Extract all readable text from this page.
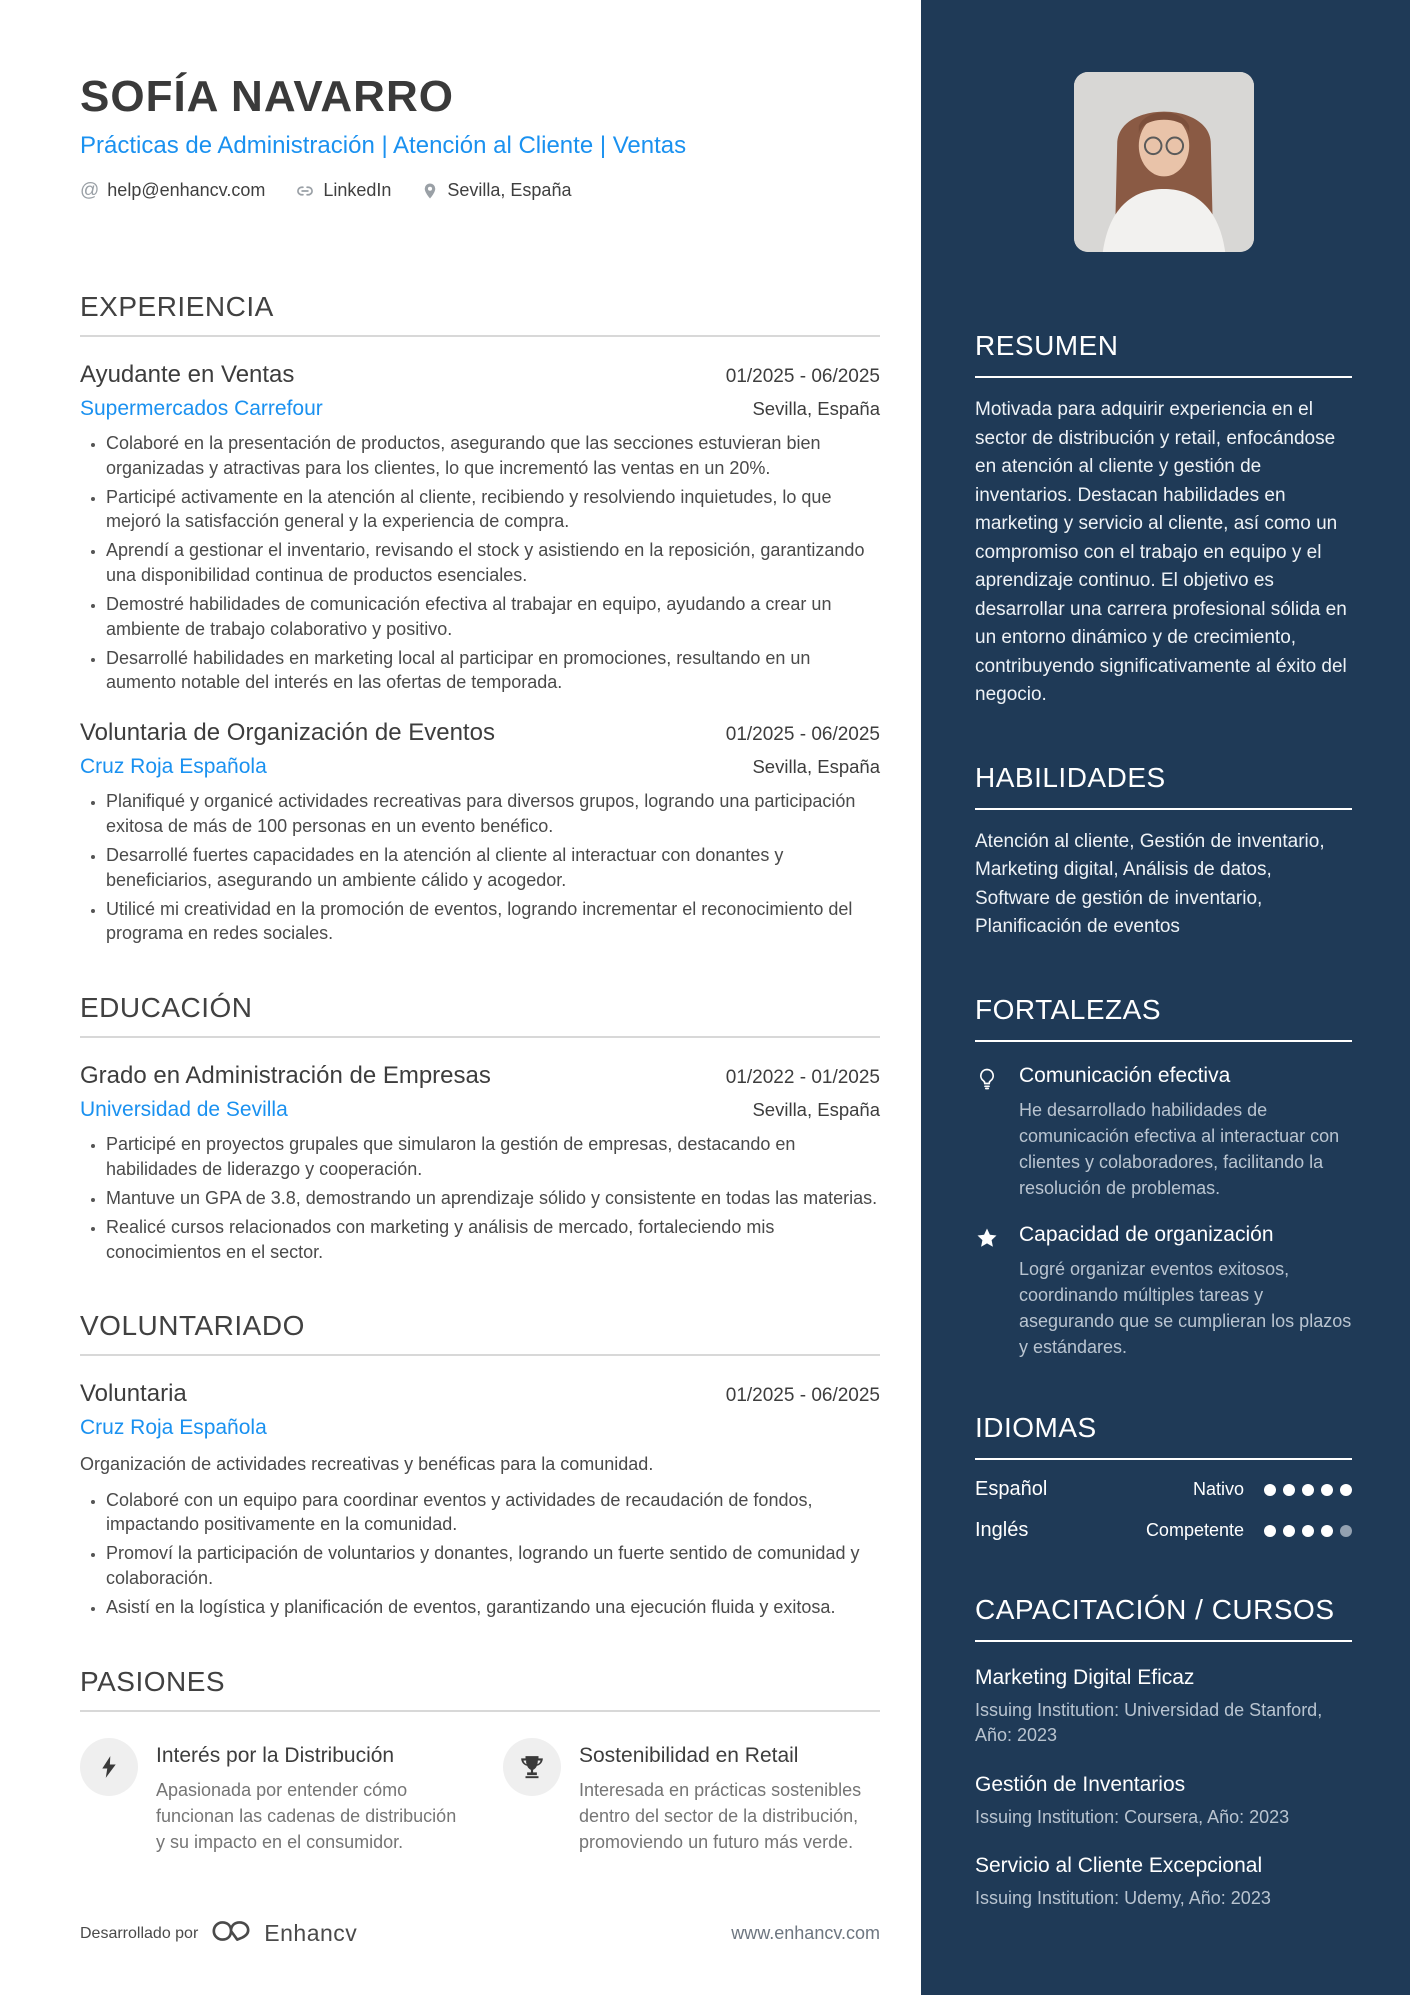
SOFÍA NAVARRO
Prácticas de Administración | Atención al Cliente | Ventas
@ help@enhancv.com	LinkedIn	Sevilla, España
EXPERIENCIA
Ayudante en Ventas	01/2025 - 06/2025
Supermercados Carrefour	Sevilla, España
• Colaboré en la presentación de productos, asegurando que las secciones estuvieran bien organizadas y atractivas para los clientes, lo que incrementó las ventas en un 20%.
• Participé activamente en la atención al cliente, recibiendo y resolviendo inquietudes, lo que mejoró la satisfacción general y la experiencia de compra.
• Aprendí a gestionar el inventario, revisando el stock y asistiendo en la reposición, garantizando una disponibilidad continua de productos esenciales.
• Demostré habilidades de comunicación efectiva al trabajar en equipo, ayudando a crear un ambiente de trabajo colaborativo y positivo.
• Desarrollé habilidades en marketing local al participar en promociones, resultando en un aumento notable del interés en las ofertas de temporada.
Voluntaria de Organización de Eventos	01/2025 - 06/2025
Cruz Roja Española	Sevilla, España
• Planifiqué y organicé actividades recreativas para diversos grupos, logrando una participación exitosa de más de 100 personas en un evento benéfico.
• Desarrollé fuertes capacidades en la atención al cliente al interactuar con donantes y beneficiarios, asegurando un ambiente cálido y acogedor.
• Utilicé mi creatividad en la promoción de eventos, logrando incrementar el reconocimiento del programa en redes sociales.
EDUCACIÓN
Grado en Administración de Empresas	01/2022 - 01/2025
Universidad de Sevilla	Sevilla, España
• Participé en proyectos grupales que simularon la gestión de empresas, destacando en habilidades de liderazgo y cooperación.
• Mantuve un GPA de 3.8, demostrando un aprendizaje sólido y consistente en todas las materias.
• Realicé cursos relacionados con marketing y análisis de mercado, fortaleciendo mis conocimientos en el sector.
VOLUNTARIADO
Voluntaria	01/2025 - 06/2025
Cruz Roja Española

Organización de actividades recreativas y benéficas para la comunidad.

• Colaboré con un equipo para coordinar eventos y actividades de recaudación de fondos, impactando positivamente en la comunidad.
• Promoví la participación de voluntarios y donantes, logrando un fuerte sentido de comunidad y colaboración.
• Asistí en la logística y planificación de eventos, garantizando una ejecución fluida y exitosa.
PASIONES
Interés por la Distribución

Apasionada por entender cómo funcionan las cadenas de distribución y su impacto en el consumidor.

Sostenibilidad en Retail

Interesada en prácticas sostenibles dentro del sector de la distribución, promoviendo un futuro más verde.

Desarrollado por	Enhancv	www.enhancv.com
RESUMEN

Motivada para adquirir experiencia en el sector de distribución y retail, enfocándose en atención al cliente y gestión de inventarios. Destacan habilidades en marketing y servicio al cliente, así como un compromiso con el trabajo en equipo y el aprendizaje continuo. El objetivo es desarrollar una carrera profesional sólida en un entorno dinámico y de crecimiento, contribuyendo significativamente al éxito del negocio.

HABILIDADES

Atención al cliente, Gestión de inventario, Marketing digital, Análisis de datos, Software de gestión de inventario, Planificación de eventos

FORTALEZAS
Comunicación efectiva

He desarrollado habilidades de comunicación efectiva al interactuar con clientes y colaboradores, facilitando la resolución de problemas.

Capacidad de organización

Logré organizar eventos exitosos, coordinando múltiples tareas y asegurando que se cumplieran los plazos y estándares.

IDIOMAS
Español	Nativo
Inglés	Competente
CAPACITACIÓN / CURSOS
Marketing Digital Eficaz

Issuing Institution: Universidad de Stanford, Año: 2023

Gestión de Inventarios

Issuing Institution: Coursera, Año: 2023

Servicio al Cliente Excepcional

Issuing Institution: Udemy, Año: 2023
